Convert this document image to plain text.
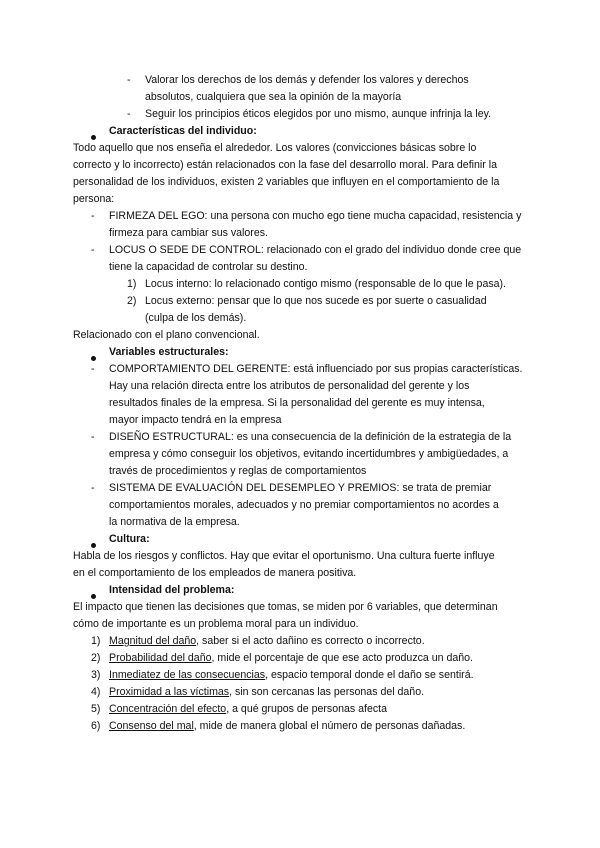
- Valorar los derechos de los demás y defender los valores y derechos
absolutos, cualquiera que sea la opinión de la mayoría
- Seguir los principios éticos elegidos por uno mismo, aunque infrinja la ley.
Características del individuo:
Todo aquello que nos enseña el alrededor. Los valores (convicciones básicas sobre lo
correcto y lo incorrecto) están relacionados con la fase del desarrollo moral. Para definir la
personalidad de los individuos, existen 2 variables que influyen en el comportamiento de la
persona:
- FIRMEZA DEL EGO: una persona con mucho ego tiene mucha capacidad, resistencia y
firmeza para cambiar sus valores.
- LOCUS O SEDE DE CONTROL: relacionado con el grado del individuo donde cree que
tiene la capacidad de controlar su destino.
1) Locus interno: lo relacionado contigo mismo (responsable de lo que le pasa).
2) Locus externo: pensar que lo que nos sucede es por suerte o casualidad
(culpa de los demás).
Relacionado con el plano convencional.
Variables estructurales:
- COMPORTAMIENTO DEL GERENTE: está influenciado por sus propias características.
Hay una relación directa entre los atributos de personalidad del gerente y los
resultados finales de la empresa. Si la personalidad del gerente es muy intensa,
mayor impacto tendrá en la empresa
- DISEÑO ESTRUCTURAL: es una consecuencia de la definición de la estrategia de la
empresa y cómo conseguir los objetivos, evitando incertidumbres y ambigüedades, a
través de procedimientos y reglas de comportamientos
- SISTEMA DE EVALUACIÓN DEL DESEMPLEO Y PREMIOS: se trata de premiar
comportamientos morales, adecuados y no premiar comportamientos no acordes a
la normativa de la empresa.
Cultura:
Habla de los riesgos y conflictos. Hay que evitar el oportunismo. Una cultura fuerte influye
en el comportamiento de los empleados de manera positiva.
Intensidad del problema:
El impacto que tienen las decisiones que tomas, se miden por 6 variables, que determinan
cómo de importante es un problema moral para un individuo.
1) Magnitud del daño, saber si el acto dañino es correcto o incorrecto.
2) Probabilidad del daño, mide el porcentaje de que ese acto produzca un daño.
3) Inmediatez de las consecuencias, espacio temporal donde el daño se sentirá.
4) Proximidad a las víctimas, sin son cercanas las personas del daño.
5) Concentración del efecto, a qué grupos de personas afecta
6) Consenso del mal, mide de manera global el número de personas dañadas.
